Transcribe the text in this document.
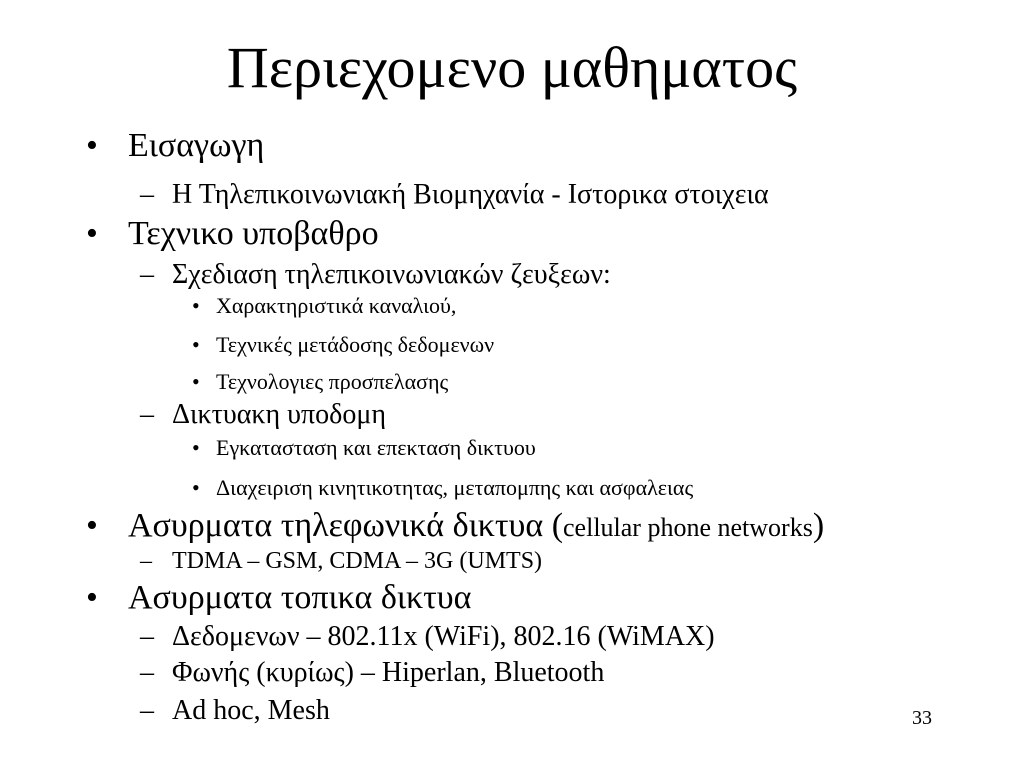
Περιεχομενο μαθηματος
• Εισαγωγη
– Η Τηλεπικοινωνιακή Βιομηχανία - Ιστορικα στοιχεια
• Τεχνικο υποβαθρο
– Σχεδιαση τηλεπικοινωνιακών ζευξεων:
• Χαρακτηριστικά καναλιού,
• Τεχνικές μετάδοσης δεδομενων
• Τεχνολογιες προσπελασης
– Δικτυακη υποδομη
• Εγκατασταση και επεκταση δικτυου
• Διαχειριση κινητικοτητας, μεταπομπης και ασφαλειας
• Ασυρματα τηλεφωνικά δικτυα (cellular phone networks)
– TDMA – GSM, CDMA – 3G (UMTS)
• Ασυρματα τοπικα δικτυα
– Δεδομενων – 802.11x (WiFi), 802.16 (WiMAX)
– Φωνής (κυρίως) – Hiperlan, Bluetooth
– Ad hoc, Mesh	33
